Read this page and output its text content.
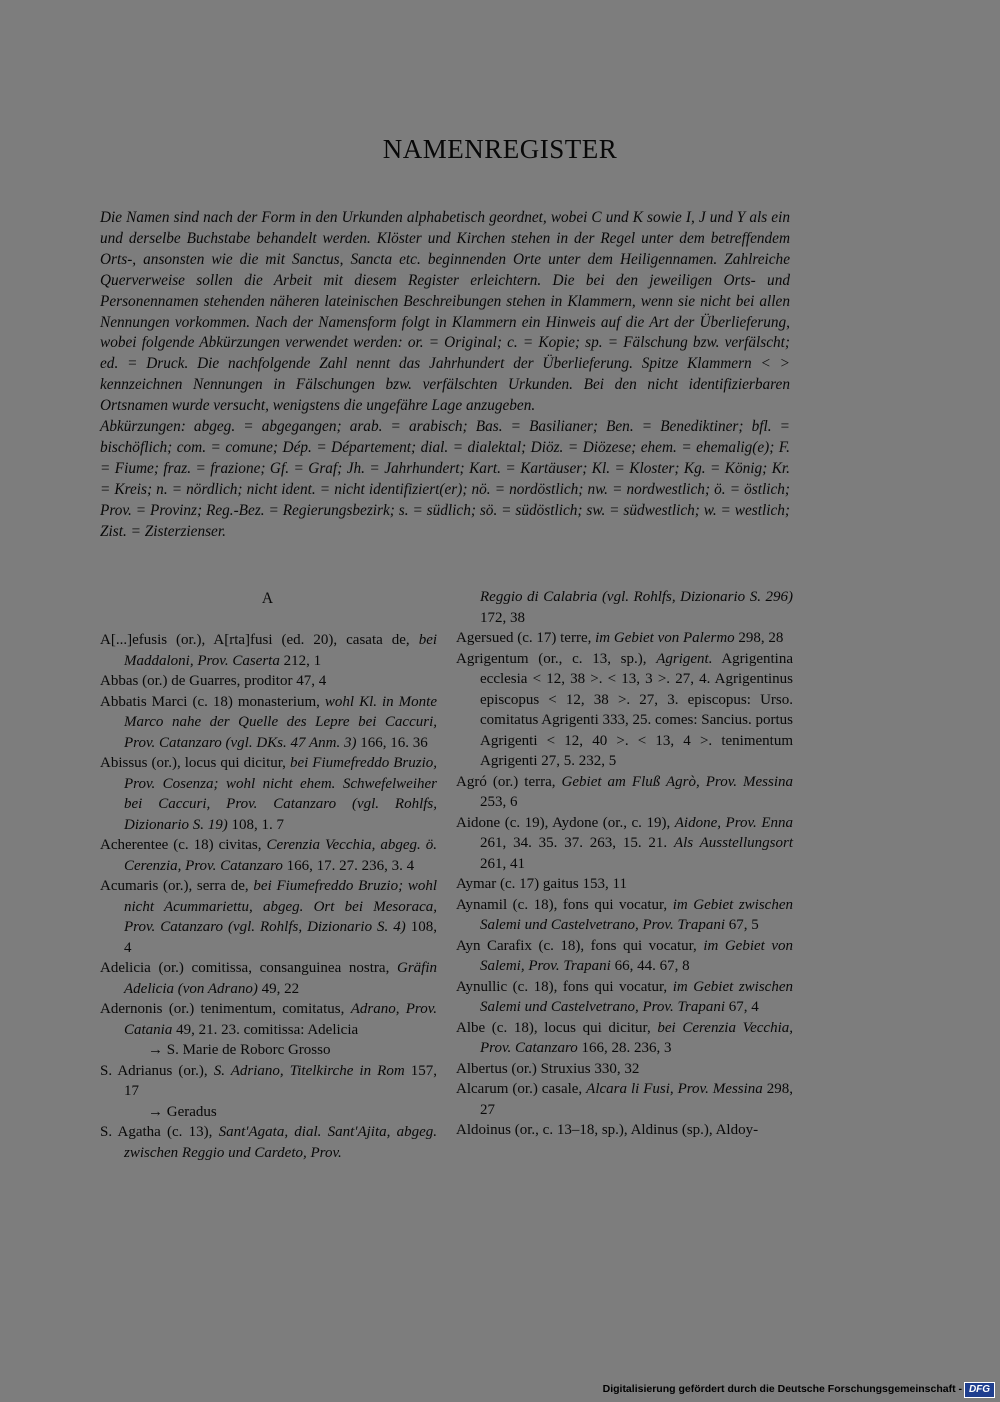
NAMENREGISTER

Die Namen sind nach der Form in den Urkunden alphabetisch geordnet, wobei C und K sowie I, J und Y als ein und derselbe Buchstabe behandelt werden. Klöster und Kirchen stehen in der Regel unter dem betreffendem Orts-, ansonsten wie die mit Sanctus, Sancta etc. beginnenden Orte unter dem Heiligennamen. Zahlreiche Querverweise sollen die Arbeit mit diesem Register erleichtern. Die bei den jeweiligen Orts- und Personennamen stehenden näheren lateinischen Beschreibungen stehen in Klammern, wenn sie nicht bei allen Nennungen vorkommen. Nach der Namensform folgt in Klammern ein Hinweis auf die Art der Überlieferung, wobei folgende Abkürzungen verwendet werden: or. = Original; c. = Kopie; sp. = Fälschung bzw. verfälscht; ed. = Druck. Die nachfolgende Zahl nennt das Jahrhundert der Überlieferung. Spitze Klammern < > kennzeichnen Nennungen in Fälschungen bzw. verfälschten Urkunden. Bei den nicht identifizierbaren Ortsnamen wurde versucht, wenigstens die ungefähre Lage anzugeben.

Abkürzungen: abgeg. = abgegangen; arab. = arabisch; Bas. = Basilianer; Ben. = Benediktiner; bfl. = bischöflich; com. = comune; Dép. = Département; dial. = dialektal; Diöz. = Diözese; ehem. = ehemalig(e); F. = Fiume; fraz. = frazione; Gf. = Graf; Jh. = Jahrhundert; Kart. = Kartäuser; Kl. = Kloster; Kg. = König; Kr. = Kreis; n. = nördlich; nicht ident. = nicht identifiziert(er); nö. = nordöstlich; nw. = nordwestlich; ö. = östlich; Prov. = Provinz; Reg.-Bez. = Regierungsbezirk; s. = südlich; sö. = südöstlich; sw. = südwestlich; w. = westlich; Zist. = Zisterzienser.

A

A[...]efusis (or.), A[rta]fusi (ed. 20), casata de, bei Maddaloni, Prov. Caserta 212, 1

Abbas (or.) de Guarres, proditor 47, 4

Abbatis Marci (c. 18) monasterium, wohl Kl. in Monte Marco nahe der Quelle des Lepre bei Caccuri, Prov. Catanzaro (vgl. DKs. 47 Anm. 3) 166, 16. 36

Abissus (or.), locus qui dicitur, bei Fiumefreddo Bruzio, Prov. Cosenza; wohl nicht ehem. Schwefelweiher bei Caccuri, Prov. Catanzaro (vgl. Rohlfs, Dizionario S. 19) 108, 1. 7

Acherentee (c. 18) civitas, Cerenzia Vecchia, abgeg. ö. Cerenzia, Prov. Catanzaro 166, 17. 27. 236, 3. 4

Acumaris (or.), serra de, bei Fiumefreddo Bruzio; wohl nicht Acummariettu, abgeg. Ort bei Mesoraca, Prov. Catanzaro (vgl. Rohlfs, Dizionario S. 4) 108, 4

Adelicia (or.) comitissa, consanguinea nostra, Gräfin Adelicia (von Adrano) 49, 22

Adernonis (or.) tenimentum, comitatus, Adrano, Prov. Catania 49, 21. 23. comitissa: Adelicia
→ S. Marie de Roborc Grosso

S. Adrianus (or.), S. Adriano, Titelkirche in Rom 157, 17
→ Geradus

S. Agatha (c. 13), Sant'Agata, dial. Sant'Ajita, abgeg. zwischen Reggio und Cardeto, Prov.

Reggio di Calabria (vgl. Rohlfs, Dizionario S. 296) 172, 38

Agersued (c. 17) terre, im Gebiet von Palermo 298, 28

Agrigentum (or., c. 13, sp.), Agrigent. Agrigentina ecclesia < 12, 38 >. < 13, 3 >. 27, 4. Agrigentinus episcopus < 12, 38 >. 27, 3. episcopus: Urso. comitatus Agrigenti 333, 25. comes: Sancius. portus Agrigenti < 12, 40 >. < 13, 4 >. tenimentum Agrigenti 27, 5. 232, 5

Agró (or.) terra, Gebiet am Fluß Agrò, Prov. Messina 253, 6

Aidone (c. 19), Aydone (or., c. 19), Aidone, Prov. Enna 261, 34. 35. 37. 263, 15. 21. Als Ausstellungsort 261, 41

Aymar (c. 17) gaitus 153, 11

Aynamil (c. 18), fons qui vocatur, im Gebiet zwischen Salemi und Castelvetrano, Prov. Trapani 67, 5

Ayn Carafix (c. 18), fons qui vocatur, im Gebiet von Salemi, Prov. Trapani 66, 44. 67, 8

Aynullic (c. 18), fons qui vocatur, im Gebiet zwischen Salemi und Castelvetrano, Prov. Trapani 67, 4

Albe (c. 18), locus qui dicitur, bei Cerenzia Vecchia, Prov. Catanzaro 166, 28. 236, 3

Albertus (or.) Struxius 330, 32

Alcarum (or.) casale, Alcara li Fusi, Prov. Messina 298, 27

Aldoinus (or., c. 13–18, sp.), Aldinus (sp.), Aldoy-

Digitalisierung gefördert durch die Deutsche Forschungsgemeinschaft - DFG
